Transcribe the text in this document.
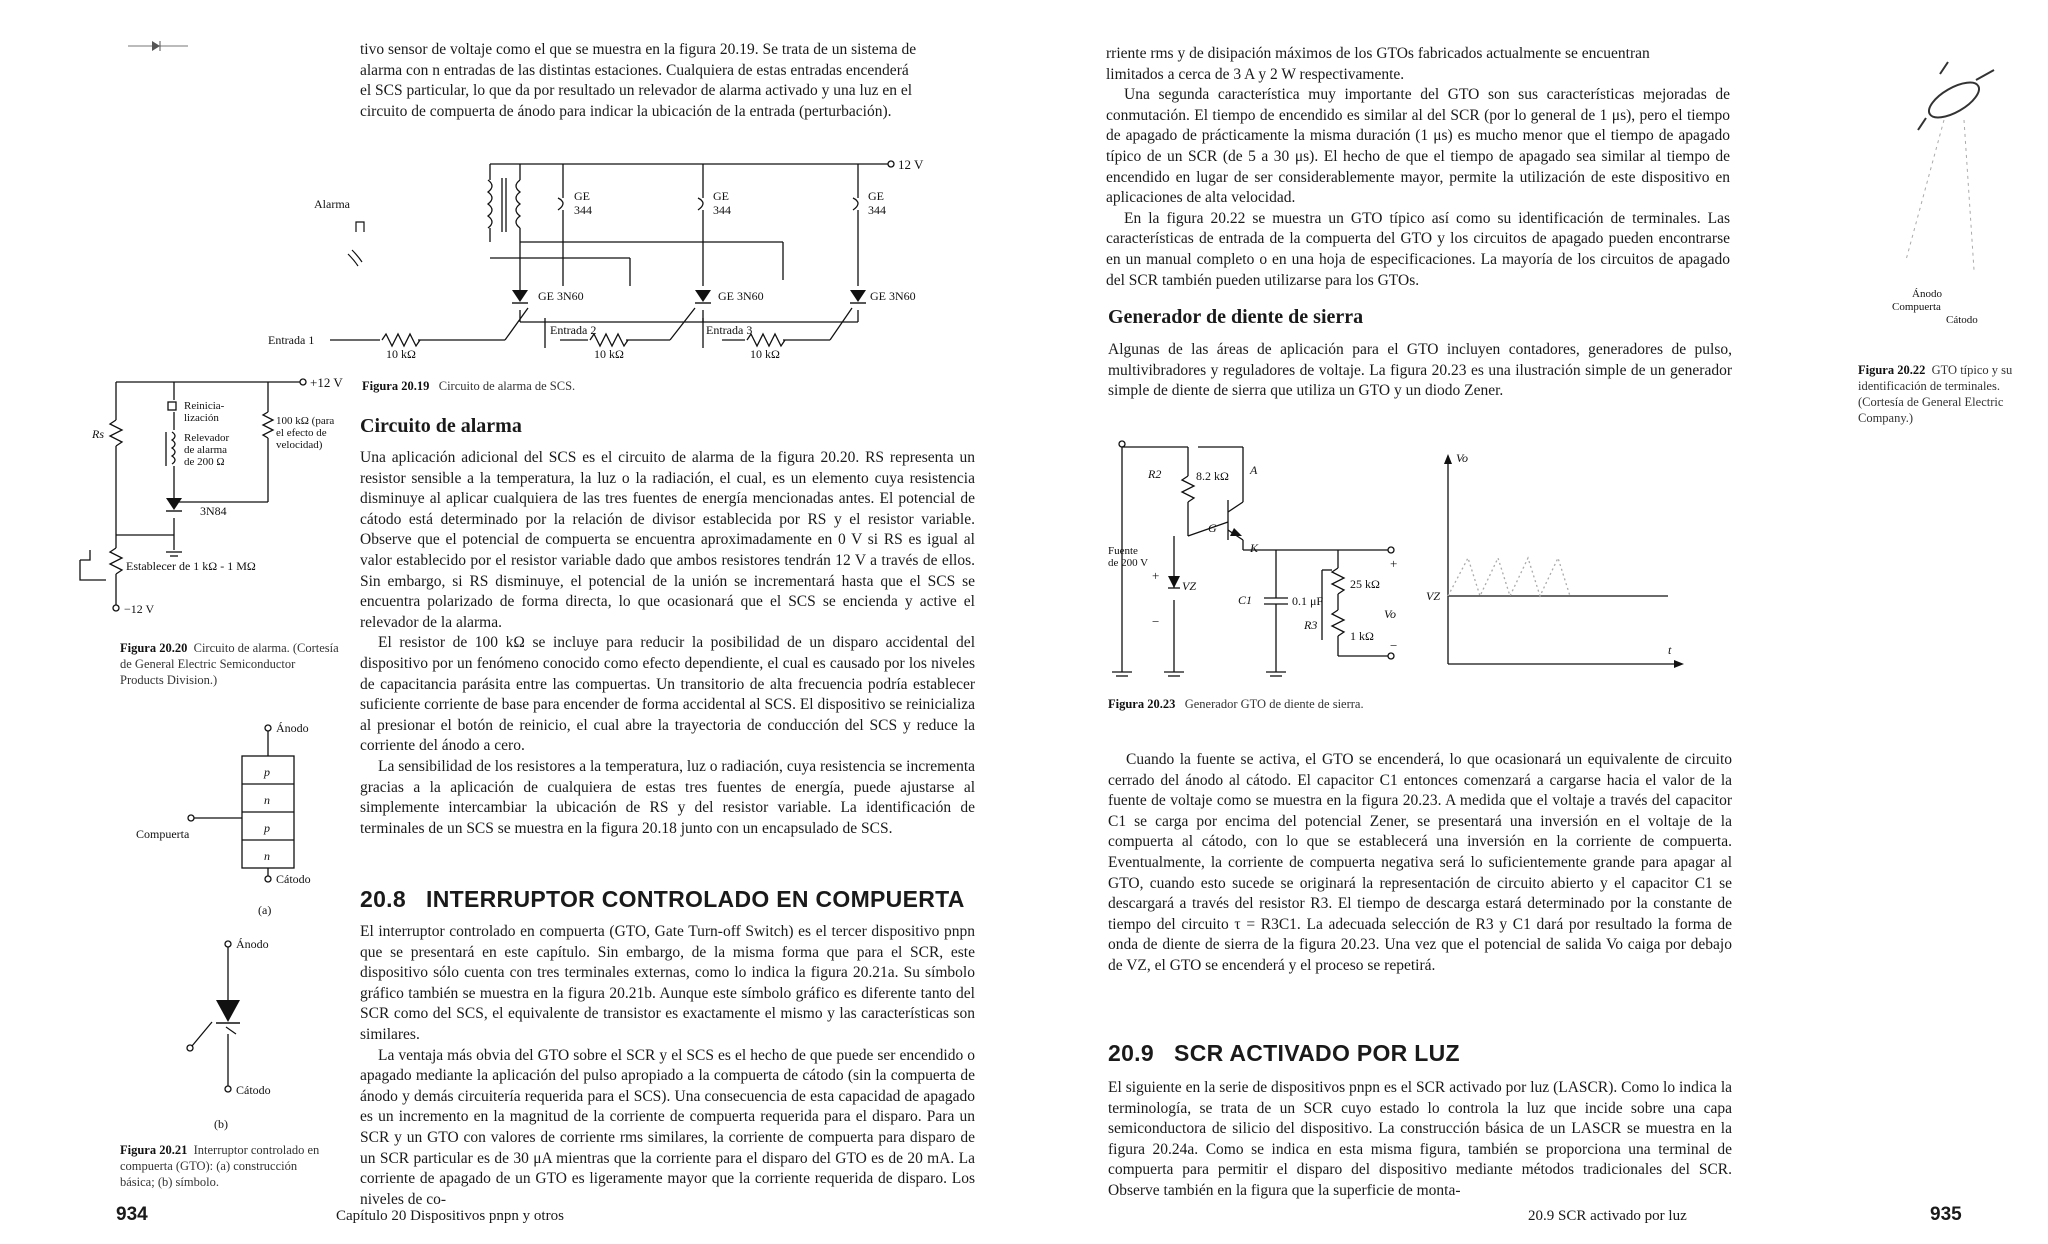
tivo sensor de voltaje como el que se muestra en la figura 20.19. Se trata de un sistema de
alarma con n entradas de las distintas estaciones. Cualquiera de estas entradas encenderá
el SCS particular, lo que da por resultado un relevador de alarma activado y una luz en el
circuito de compuerta de ánodo para indicar la ubicación de la entrada (perturbación).
12 V
Alarma
GE
344
GE
344
GE
344
GE 3N60	GE 3N60	GE 3N60
Entrada 1
Entrada 2	Entrada 3
10 kΩ	10 kΩ	10 kΩ
Figura 20.19 Circuito de alarma de SCS.
+12 V
Rs
Reinicia-
lización
Relevador
de alarma
de 200 Ω
100 kΩ (para
el efecto de
velocidad)
3N84
Establecer de 1 kΩ - 1 MΩ
−12 V
Figura 20.20 Circuito de alarma. (Cortesía de General Electric Semiconductor Products Division.)
Circuito de alarma

Una aplicación adicional del SCS es el circuito de alarma de la figura 20.20. RS representa un resistor sensible a la temperatura, la luz o la radiación, el cual, es un elemento cuya resistencia disminuye al aplicar cualquiera de las tres fuentes de energía mencionadas antes. El potencial de cátodo está determinado por la relación de divisor establecida por RS y el resistor variable. Observe que el potencial de compuerta se encuentra aproximadamente en 0 V si RS es igual al valor establecido por el resistor variable dado que ambos resistores tendrán 12 V a través de ellos. Sin embargo, si RS disminuye, el potencial de la unión se incrementará hasta que el SCS se encuentra polarizado de forma directa, lo que ocasionará que el SCS se encienda y active el relevador de la alarma.

El resistor de 100 kΩ se incluye para reducir la posibilidad de un disparo accidental del dispositivo por un fenómeno conocido como efecto dependiente, el cual es causado por los niveles de capacitancia parásita entre las compuertas. Un transitorio de alta frecuencia podría establecer suficiente corriente de base para encender de forma accidental al SCS. El dispositivo se reinicializa al presionar el botón de reinicio, el cual abre la trayectoria de conducción del SCS y reduce la corriente del ánodo a cero.

La sensibilidad de los resistores a la temperatura, luz o radiación, cuya resistencia se incrementa gracias a la aplicación de cualquiera de estas tres fuentes de energía, puede ajustarse al simplemente intercambiar la ubicación de RS y del resistor variable. La identificación de terminales de un SCS se muestra en la figura 20.18 junto con un encapsulado de SCS.

20.8 INTERRUPTOR CONTROLADO EN COMPUERTA

El interruptor controlado en compuerta (GTO, Gate Turn-off Switch) es el tercer dispositivo pnpn que se presentará en este capítulo. Sin embargo, de la misma forma que para el SCR, este dispositivo sólo cuenta con tres terminales externas, como lo indica la figura 20.21a. Su símbolo gráfico también se muestra en la figura 20.21b. Aunque este símbolo gráfico es diferente tanto del SCR como del SCS, el equivalente de transistor es exactamente el mismo y las características son similares.

La ventaja más obvia del GTO sobre el SCR y el SCS es el hecho de que puede ser encendido o apagado mediante la aplicación del pulso apropiado a la compuerta de cátodo (sin la compuerta de ánodo y demás circuitería requerida para el SCS). Una consecuencia de esta capacidad de apagado es un incremento en la magnitud de la corriente de compuerta requerida para el disparo. Para un SCR y un GTO con valores de corriente rms similares, la corriente de compuerta para disparo de un SCR particular es de 30 μA mientras que la corriente para el disparo del GTO es de 20 mA. La corriente de apagado de un GTO es ligeramente mayor que la corriente requerida de disparo. Los niveles de co-

Ánodo
p
n
p
n
Compuerta
Cátodo
(a)
Ánodo
Cátodo
(b)
Figura 20.21 Interruptor controlado en compuerta (GTO): (a) construcción básica; (b) símbolo.
934	Capítulo 20 Dispositivos pnpn y otros
rriente rms y de disipación máximos de los GTOs fabricados actualmente se encuentran
limitados a cerca de 3 A y 2 W respectivamente.

Una segunda característica muy importante del GTO son sus características mejoradas de conmutación. El tiempo de encendido es similar al del SCR (por lo general de 1 μs), pero el tiempo de apagado de prácticamente la misma duración (1 μs) es mucho menor que el tiempo de apagado típico de un SCR (de 5 a 30 μs). El hecho de que el tiempo de apagado sea similar al tiempo de encendido en lugar de ser considerablemente mayor, permite la utilización de este dispositivo en aplicaciones de alta velocidad.

En la figura 20.22 se muestra un GTO típico así como su identificación de terminales. Las características de entrada de la compuerta del GTO y los circuitos de apagado pueden encontrarse en un manual completo o en una hoja de especificaciones. La mayoría de los circuitos de apagado del SCR también pueden utilizarse para los GTOs.

Ánodo
Compuerta
Cátodo
Figura 20.22 GTO típico y su identificación de terminales. (Cortesía de General Electric Company.)
Generador de diente de sierra

Algunas de las áreas de aplicación para el GTO incluyen contadores, generadores de pulso, multivibradores y reguladores de voltaje. La figura 20.23 es una ilustración simple de un generador simple de diente de sierra que utiliza un GTO y un diodo Zener.

R2	8.2 kΩ A
G
K
Fuente
de 200 V
+
−
VZ
C1	0.1 μF
R3
1 kΩ
25 kΩ
+
Vo
−
Vo
VZ
t
Figura 20.23 Generador GTO de diente de sierra.

Cuando la fuente se activa, el GTO se encenderá, lo que ocasionará un equivalente de circuito cerrado del ánodo al cátodo. El capacitor C1 entonces comenzará a cargarse hacia el valor de la fuente de voltaje como se muestra en la figura 20.23. A medida que el voltaje a través del capacitor C1 se carga por encima del potencial Zener, se presentará una inversión en el voltaje de la compuerta al cátodo, con lo que se establecerá una inversión en la corriente de compuerta. Eventualmente, la corriente de compuerta negativa será lo suficientemente grande para apagar al GTO, cuando esto sucede se originará la representación de circuito abierto y el capacitor C1 se descargará a través del resistor R3. El tiempo de descarga estará determinado por la constante de tiempo del circuito τ = R3C1. La adecuada selección de R3 y C1 dará por resultado la forma de onda de diente de sierra de la figura 20.23. Una vez que el potencial de salida Vo caiga por debajo de VZ, el GTO se encenderá y el proceso se repetirá.

20.9 SCR ACTIVADO POR LUZ

El siguiente en la serie de dispositivos pnpn es el SCR activado por luz (LASCR). Como lo indica la terminología, se trata de un SCR cuyo estado lo controla la luz que incide sobre una capa semiconductora de silicio del dispositivo. La construcción básica de un LASCR se muestra en la figura 20.24a. Como se indica en esta misma figura, también se proporciona una terminal de compuerta para permitir el disparo del dispositivo mediante métodos tradicionales del SCR. Observe también en la figura que la superficie de monta-

20.9 SCR activado por luz	935
